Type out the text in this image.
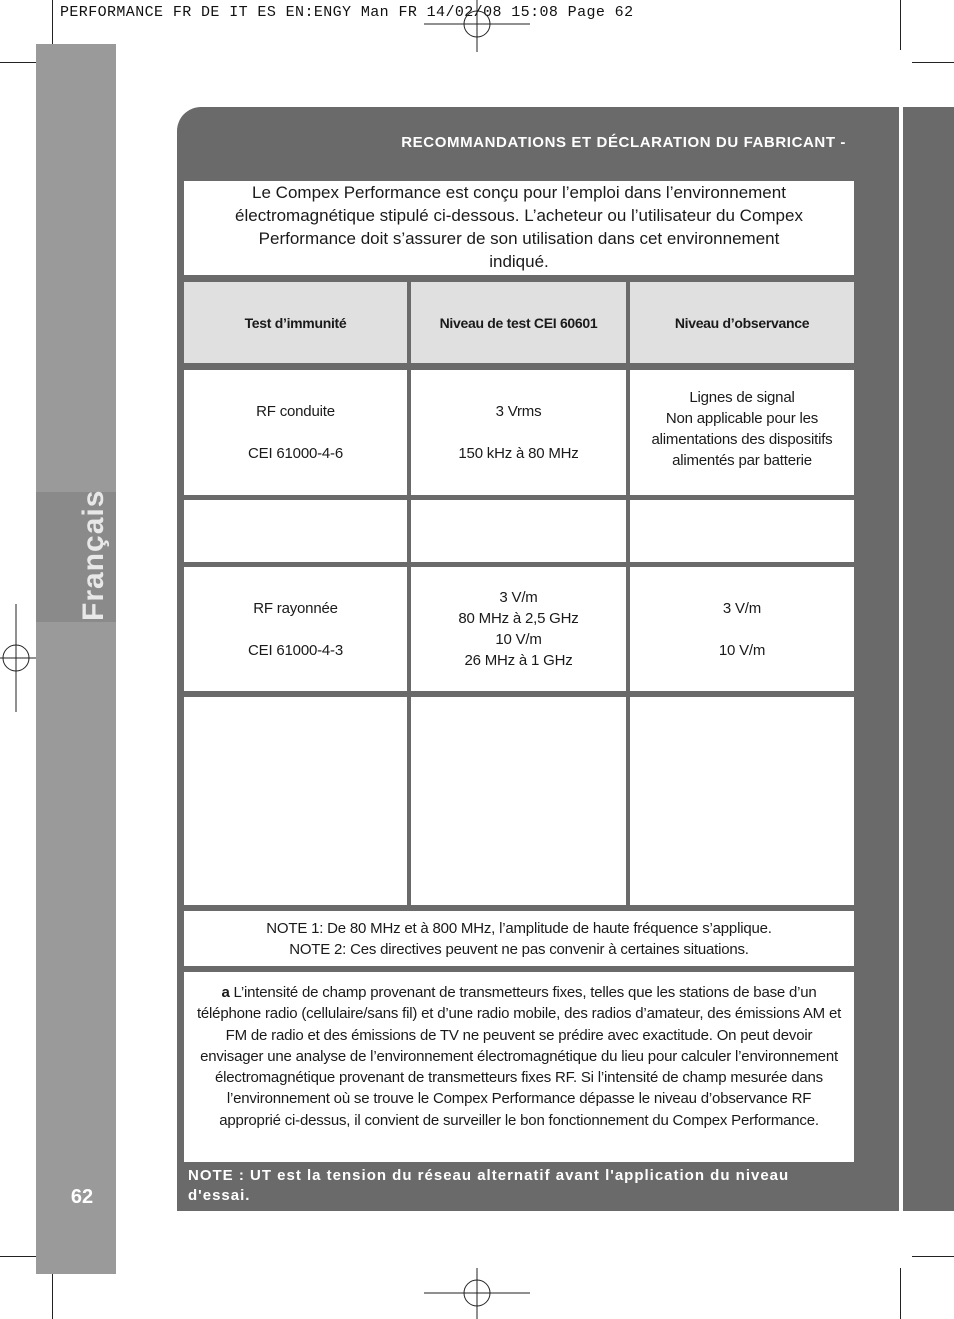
PERFORMANCE FR DE IT ES EN:ENGY Man FR 14/02/08 15:08 Page 62
Français
62
RECOMMANDATIONS ET DÉCLARATION DU FABRICANT -
Le Compex Performance est conçu pour l’emploi dans l’environnement
électromagnétique stipulé ci-dessous. L’acheteur ou l’utilisateur du Compex
Performance doit s’assurer de son utilisation dans cet environnement
indiqué.
Test d’immunité	Niveau de test CEI 60601	Niveau d’observance
RF conduite

CEI 61000-4-6
3 Vrms

150 kHz à 80 MHz
Lignes de signal
Non applicable pour les
alimentations des dispositifs
alimentés par batterie
RF rayonnée

CEI 61000-4-3
3 V/m
80 MHz à 2,5 GHz
10 V/m
26 MHz à 1 GHz
3 V/m

10 V/m
NOTE 1: De 80 MHz et à 800 MHz, l’amplitude de haute fréquence s’applique.
NOTE 2: Ces directives peuvent ne pas convenir à certaines situations.
a L’intensité de champ provenant de transmetteurs fixes, telles que les stations de base d’un téléphone radio (cellulaire/sans fil) et d’une radio mobile, des radios d’amateur, des émissions AM et FM de radio et des émissions de TV ne peuvent se prédire avec exactitude. On peut devoir envisager une analyse de l’environnement électromagnétique du lieu pour calculer l’environnement électromagnétique provenant de transmetteurs fixes RF. Si l’intensité de champ mesurée dans l’environnement où se trouve le Compex Performance dépasse le niveau d’observance RF approprié ci-dessus, il convient de surveiller le bon fonctionnement du Compex Performance.
NOTE : UT est la tension du réseau alternatif avant l'application du niveau d'essai.
